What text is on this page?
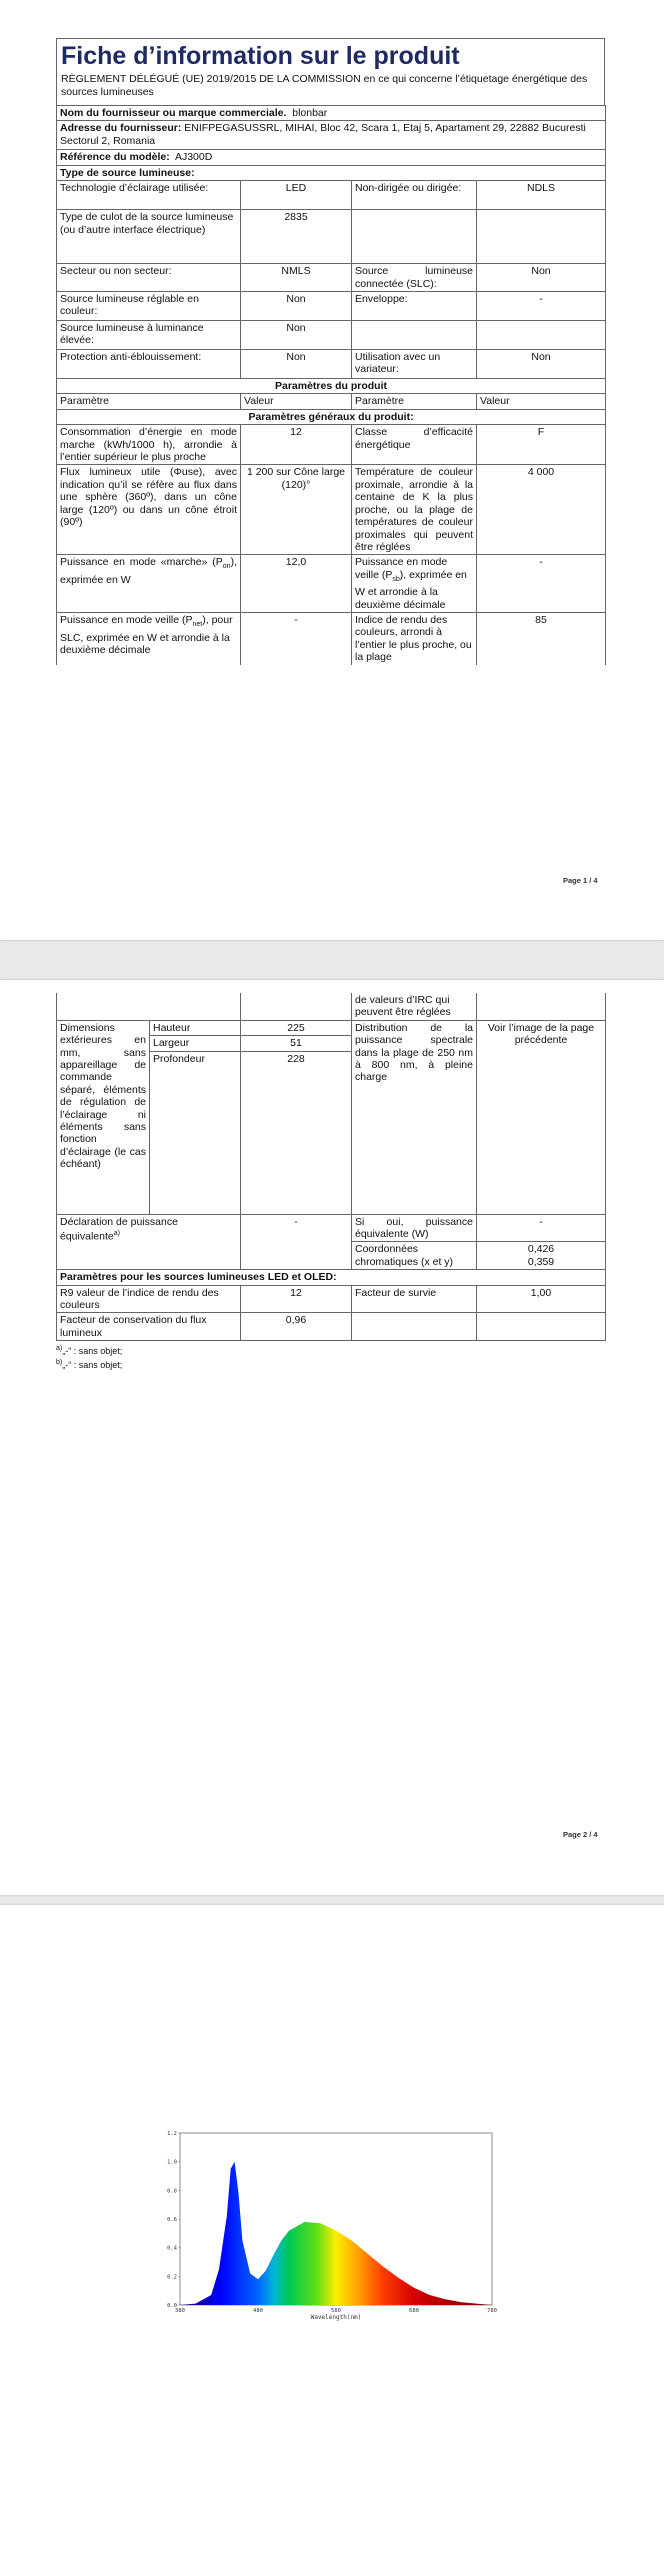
Fiche d’information sur le produit
RÈGLEMENT DÉLÉGUÉ (UE) 2019/2015 DE LA COMMISSION en ce qui concerne l’étiquetage énergétique des sources lumineuses
Nom du fournisseur ou marque commerciale. blonbar			
Adresse du fournisseur: ENIFPEGASUSSRL, MIHAI, Bloc 42, Scara 1, Etaj 5, Apartament 29, 22882 Bucuresti Sectorul 2, Romania			
Référence du modèle: AJ300D			
Type de source lumineuse:			
Technologie d’éclairage utilisée:	LED	Non-dirigée ou dirigée:	NDLS
Type de culot de la source lumineuse (ou d’autre interface électrique)	2835		
Secteur ou non secteur:	NMLS	Source lumineuse connectée (SLC):	Non
Source lumineuse réglable en couleur:	Non	Enveloppe:	-
Source lumineuse à luminance élevée:	Non		
Protection anti-éblouissement:	Non	Utilisation avec un variateur:	Non
Paramètres du produit			
Paramètre	Valeur	Paramètre	Valeur
Paramètres généraux du produit:			
Consommation d’énergie en mode marche (kWh/1000 h), arrondie à l’entier supérieur le plus proche	12	Classe d’efficacité énergétique	F
Flux lumineux utile (Φuse), avec indication qu’il se réfère au flux dans une sphère (360º), dans un cône large (120º) ou dans un cône étroit (90º)	1 200 sur Cône large (120)°	Température de couleur proximale, arrondie à la centaine de K la plus proche, ou la plage de températures de couleur proximales qui peuvent être réglées	4 000
Puissance en mode «marche» $(P_{on})$, exprimée en W	12,0	Puissance en mode veille $(P_{sb})$, exprimée en W et arrondie à la deuxième décimale	-
Puissance en mode veille $(P_{net})$, pour SLC, exprimée en W et arrondie à la deuxième décimale	-	Indice de rendu des couleurs, arrondi à l’entier le plus proche, ou la plage	85
Page 1 / 4
			de valeurs d’IRC qui peuvent être réglées	
Dimensions extérieures en mm, sans appareillage de commande séparé, éléments de régulation de l’éclairage ni éléments sans fonction d’éclairage (le cas échéant)	Hauteur	225	Distribution de la puissance spectrale dans la plage de 250 nm à 800 nm, à pleine charge	Voir l’image de la page précédente
	Largeur	51		
	Profondeur	228		
Déclaration de puissance équivalente$^{a)}$		-	Si oui, puissance équivalente (W)	-
			Coordonnées chromatiques (x et y)	0,426
0,359

Paramètres pour les sources lumineuses LED et OLED:				
R9 valeur de l’indice de rendu des couleurs		12	Facteur de survie	1,00
Facteur de conservation du flux lumineux		0,96		
$^{a)}$„-“ : sans objet;
$^{b)}$„-“ : sans objet;
Page 2 / 4
0.0
0.2
0.4
0.6
0.8
1.0
1.2
380	480	580	680	780
Wavelength(nm)
